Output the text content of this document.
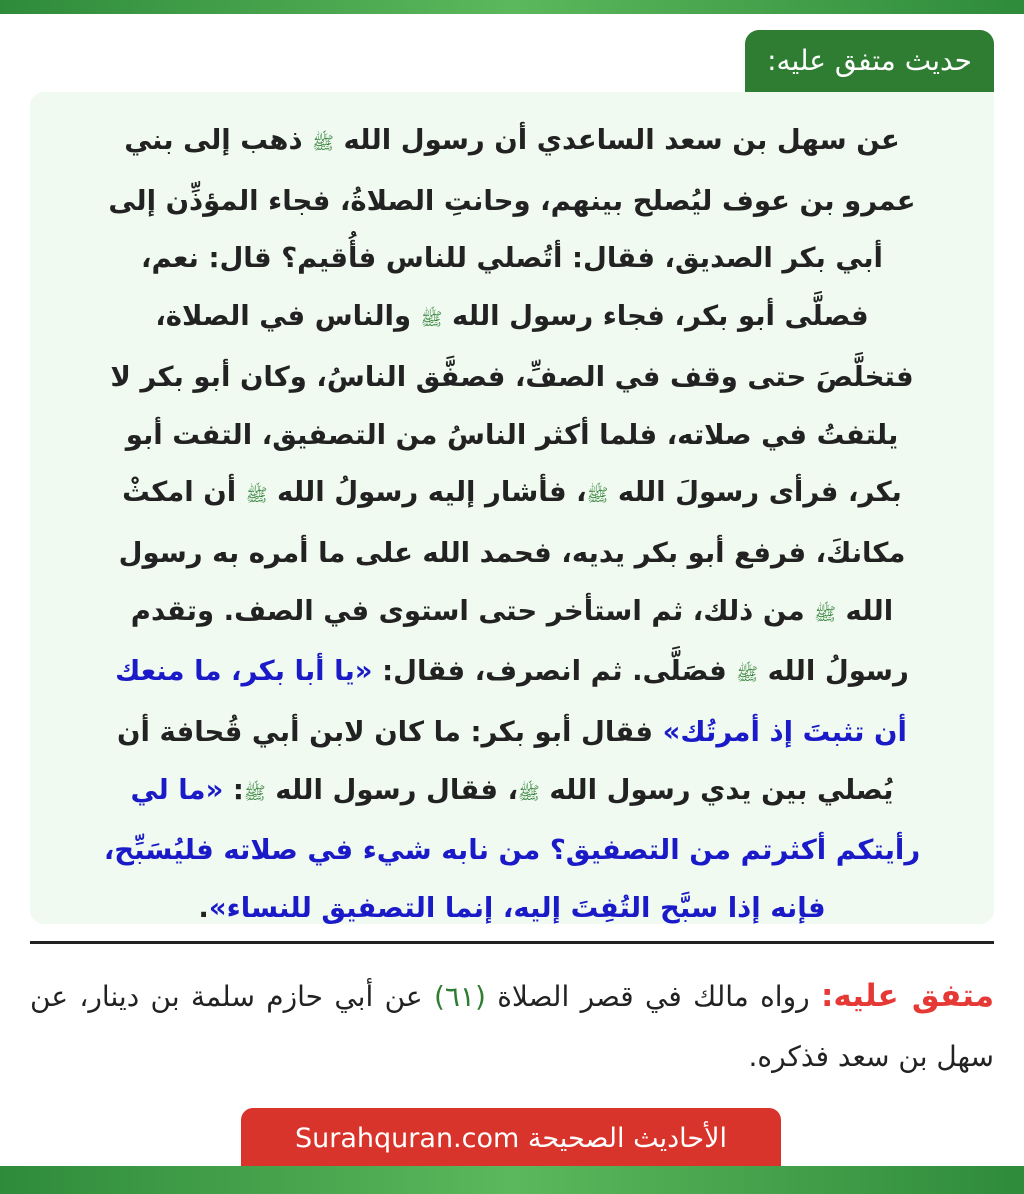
حديث متفق عليه:
عن سهل بن سعد الساعدي أن رسول الله ﷺ ذهب إلى بني
عمرو بن عوف ليُصلح بينهم، وحانتِ الصلاةُ، فجاء المؤذِّن إلى
أبي بكر الصديق، فقال: أتُصلي للناس فأُقيم؟ قال: نعم،
فصلَّى أبو بكر، فجاء رسول الله ﷺ والناس في الصلاة،
فتخلَّصَ حتى وقف في الصفِّ، فصفَّق الناسُ، وكان أبو بكر لا
يلتفتُ في صلاته، فلما أكثر الناسُ من التصفيق، التفت أبو
بكر، فرأى رسولَ الله ﷺ، فأشار إليه رسولُ الله ﷺ أن امكثْ
مكانكَ، فرفع أبو بكر يديه، فحمد الله على ما أمره به رسول
الله ﷺ من ذلك، ثم استأخر حتى استوى في الصف. وتقدم
رسولُ الله ﷺ فصَلَّى. ثم انصرف، فقال: «يا أبا بكر، ما منعك
أن تثبتَ إذ أمرتُك» فقال أبو بكر: ما كان لابن أبي قُحافة أن
يُصلي بين يدي رسول الله ﷺ، فقال رسول الله ﷺ: «ما لي
رأيتكم أكثرتم من التصفيق؟ من نابه شيء في صلاته فليُسَبِّح،
فإنه إذا سبَّح التُفِتَ إليه، إنما التصفيق للنساء».
متفق عليه: رواه مالك في قصر الصلاة (٦١) عن أبي حازم سلمة بن دينار، عن سهل بن سعد فذكره.
الأحاديث الصحيحة Surahquran.com
